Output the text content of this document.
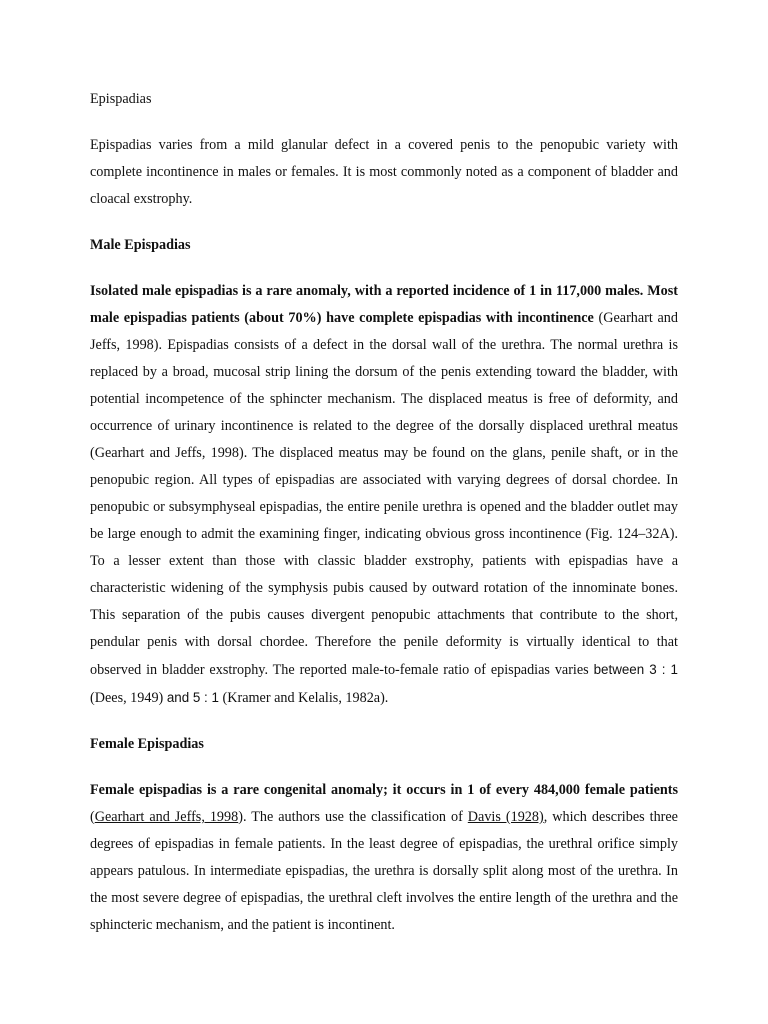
Epispadias

Epispadias varies from a mild glanular defect in a covered penis to the penopubic variety with complete incontinence in males or females. It is most commonly noted as a component of bladder and cloacal exstrophy.

Male Epispadias

Isolated male epispadias is a rare anomaly, with a reported incidence of 1 in 117,000 males. Most male epispadias patients (about 70%) have complete epispadias with incontinence (Gearhart and Jeffs, 1998). Epispadias consists of a defect in the dorsal wall of the urethra. The normal urethra is replaced by a broad, mucosal strip lining the dorsum of the penis extending toward the bladder, with potential incompetence of the sphincter mechanism. The displaced meatus is free of deformity, and occurrence of urinary incontinence is related to the degree of the dorsally displaced urethral meatus (Gearhart and Jeffs, 1998). The displaced meatus may be found on the glans, penile shaft, or in the penopubic region. All types of epispadias are associated with varying degrees of dorsal chordee. In penopubic or subsymphyseal epispadias, the entire penile urethra is opened and the bladder outlet may be large enough to admit the examining finger, indicating obvious gross incontinence (Fig. 124–32A). To a lesser extent than those with classic bladder exstrophy, patients with epispadias have a characteristic widening of the symphysis pubis caused by outward rotation of the innominate bones. This separation of the pubis causes divergent penopubic attachments that contribute to the short, pendular penis with dorsal chordee. Therefore the penile deformity is virtually identical to that observed in bladder exstrophy. The reported male-to-female ratio of epispadias varies between 3 : 1 (Dees, 1949) and 5 : 1 (Kramer and Kelalis, 1982a).

Female Epispadias

Female epispadias is a rare congenital anomaly; it occurs in 1 of every 484,000 female patients (Gearhart and Jeffs, 1998). The authors use the classification of Davis (1928), which describes three degrees of epispadias in female patients. In the least degree of epispadias, the urethral orifice simply appears patulous. In intermediate epispadias, the urethra is dorsally split along most of the urethra. In the most severe degree of epispadias, the urethral cleft involves the entire length of the urethra and the sphincteric mechanism, and the patient is incontinent.
